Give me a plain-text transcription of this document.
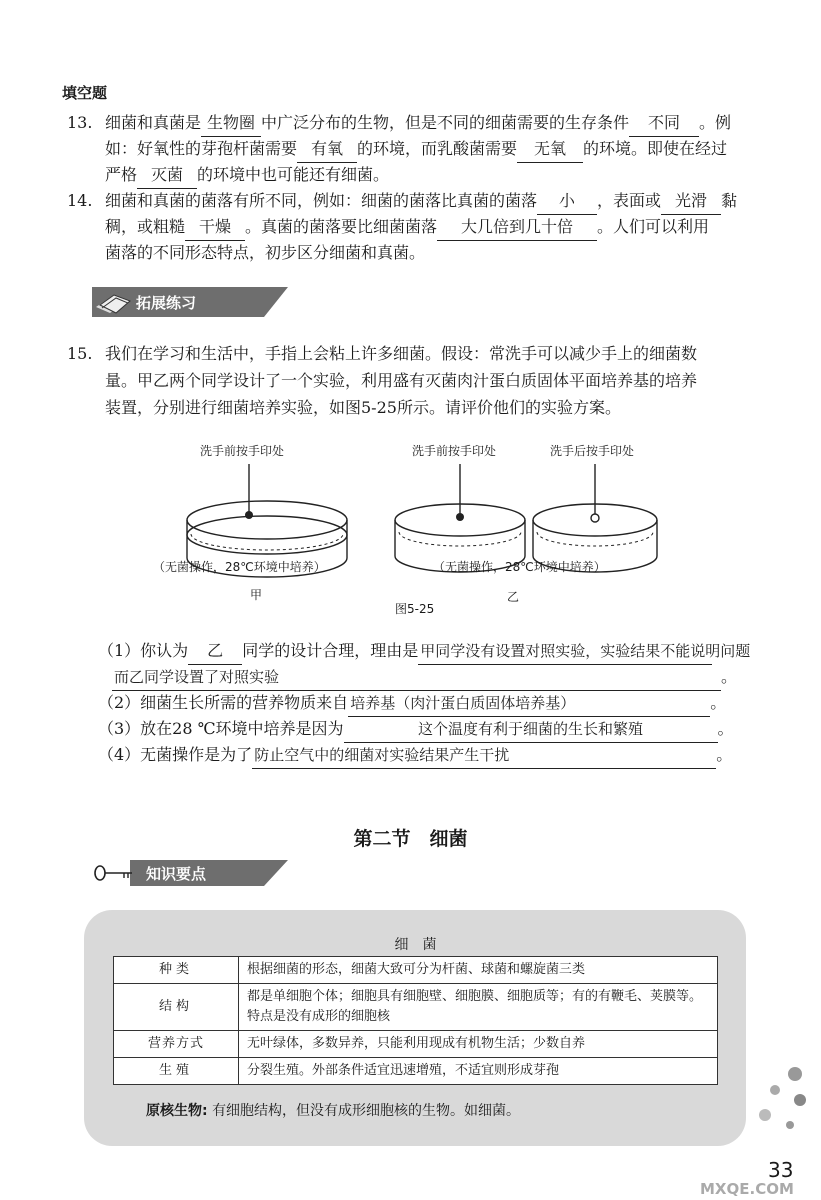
填空题
13. 细菌和真菌是 生物圈 中广泛分布的生物，但是不同的细菌需要的生存条件 不同 。例
如：好氧性的芽孢杆菌需要 有氧 的环境，而乳酸菌需要 无氧 的环境。即使在经过
严格 灭菌 的环境中也可能还有细菌。
14. 细菌和真菌的菌落有所不同，例如：细菌的菌落比真菌的菌落 小 ，表面或 光滑 黏
稠，或粗糙 干燥 。真菌的菌落要比细菌菌落 大几倍到几十倍 。人们可以利用
菌落的不同形态特点，初步区分细菌和真菌。
拓展练习
15. 我们在学习和生活中，手指上会粘上许多细菌。假设：常洗手可以减少手上的细菌数
量。甲乙两个同学设计了一个实验，利用盛有灭菌肉汁蛋白质固体平面培养基的培养
装置，分别进行细菌培养实验，如图5-25所示。请评价他们的实验方案。
洗手前按手印处	洗手前按手印处	洗手后按手印处
（无菌操作，28℃环境中培养）	（无菌操作，28℃环境中培养）
甲	乙
图5-25
（1）你认为 乙 同学的设计合理，理由是 甲同学没有设置对照实验，实验结果不能说明问题
而乙同学设置了对照实验	。
（2）细菌生长所需的营养物质来自 培养基（肉汁蛋白质固体培养基）	。
（3）放在28 ℃环境中培养是因为	这个温度有利于细菌的生长和繁殖	。
（4）无菌操作是为了 防止空气中的细菌对实验结果产生干扰	。
第二节　细菌
知识要点
细　菌
种类	根据细菌的形态，细菌大致可分为杆菌、球菌和螺旋菌三类
结构	都是单细胞个体；细胞具有细胞壁、细胞膜、细胞质等；有的有鞭毛、荚膜等。特点是没有成形的细胞核
营养方式	无叶绿体，多数异养，只能利用现成有机物生活；少数自养
生殖	分裂生殖。外部条件适宜迅速增殖，不适宜则形成芽孢
原核生物: 有细胞结构，但没有成形细胞核的生物。如细菌。
33
MXQE.COM
